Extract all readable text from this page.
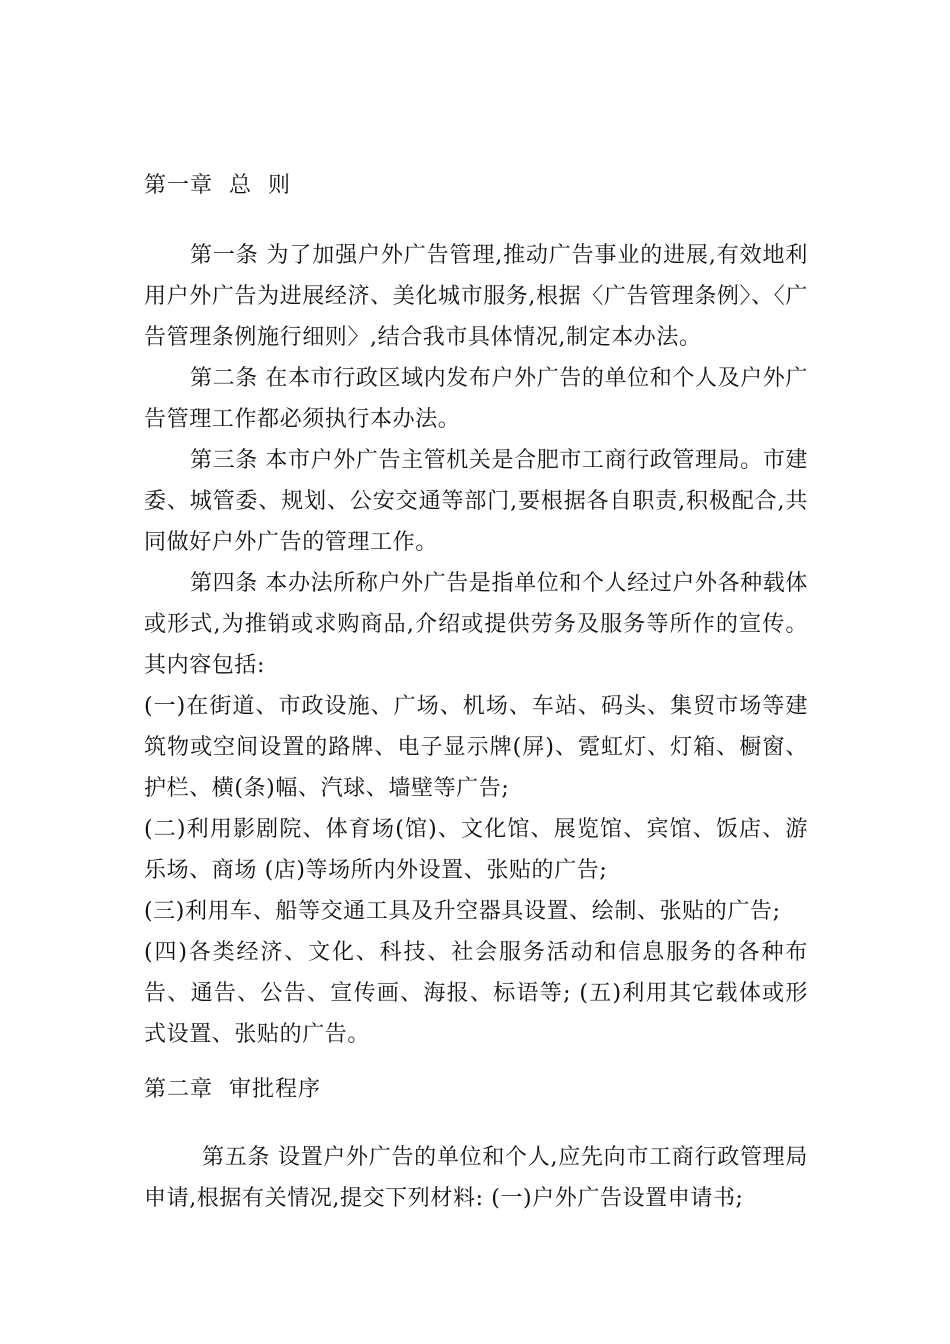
第一章  总  则

第一条 为了加强户外广告管理,推动广告事业的进展,有效地利用户外广告为进展经济、美化城市服务,根据〈广告管理条例〉、〈广告管理条例施行细则〉,结合我市具体情况,制定本办法。

第二条 在本市行政区域内发布户外广告的单位和个人及户外广告管理工作都必须执行本办法。

第三条 本市户外广告主管机关是合肥市工商行政管理局。市建委、城管委、规划、公安交通等部门,要根据各自职责,积极配合,共同做好户外广告的管理工作。

第四条 本办法所称户外广告是指单位和个人经过户外各种载体或形式,为推销或求购商品,介绍或提供劳务及服务等所作的宣传。其内容包括:

(一)在街道、市政设施、广场、机场、车站、码头、集贸市场等建筑物或空间设置的路牌、电子显示牌(屏)、霓虹灯、灯箱、橱窗、护栏、横(条)幅、汽球、墙壁等广告;

(二)利用影剧院、体育场(馆)、文化馆、展览馆、宾馆、饭店、游乐场、商场 (店)等场所内外设置、张贴的广告;

(三)利用车、船等交通工具及升空器具设置、绘制、张贴的广告;

(四)各类经济、文化、科技、社会服务活动和信息服务的各种布告、通告、公告、宣传画、海报、标语等; (五)利用其它载体或形式设置、张贴的广告。

第二章  审批程序

第五条 设置户外广告的单位和个人,应先向市工商行政管理局申请,根据有关情况,提交下列材料: (一)户外广告设置申请书;
